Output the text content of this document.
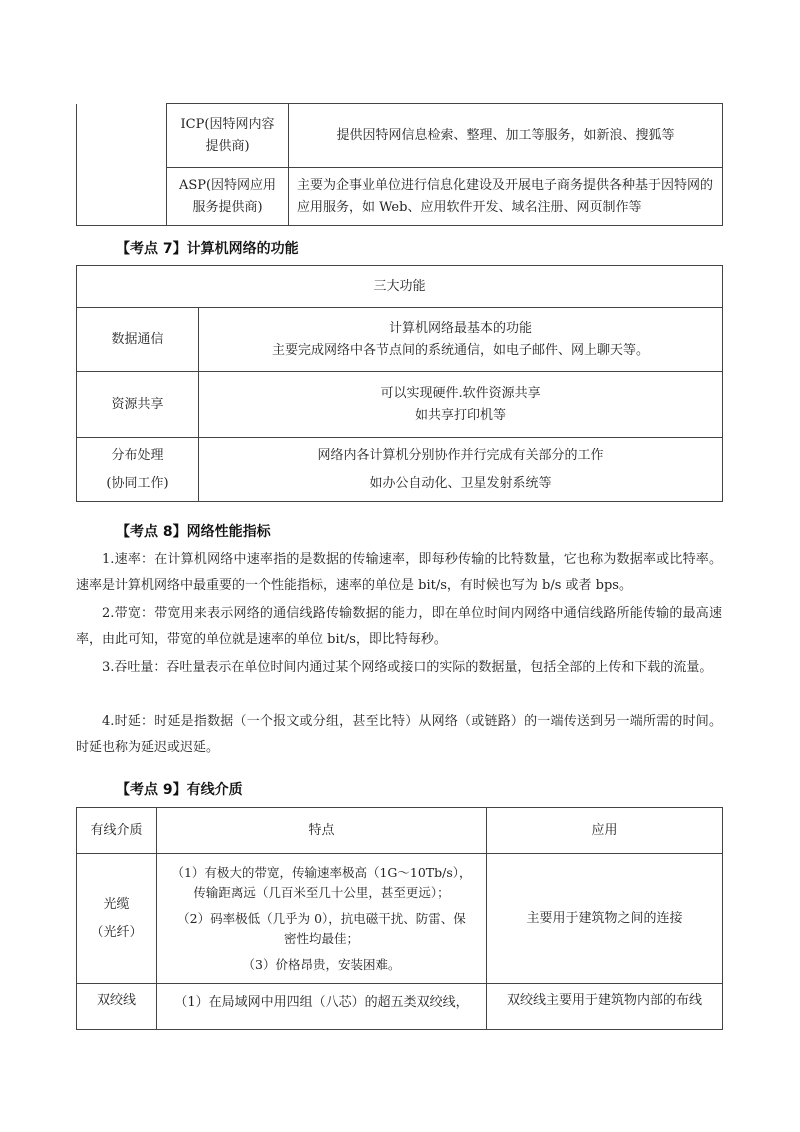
	ICP(因特网内容
提供商)	提供因特网信息检索、整理、加工等服务，如新浪、搜狐等
	ASP(因特网应用
服务提供商)	主要为企事业单位进行信息化建设及开展电子商务提供各种基于因特网的应用服务，如 Web、应用软件开发、域名注册、网页制作等
【考点 7】计算机网络的功能
三大功能	
数据通信	计算机网络最基本的功能
主要完成网络中各节点间的系统通信，如电子邮件、网上聊天等。

资源共享	可以实现硬件.软件资源共享
如共享打印机等

分布处理
(协同工作)	网络内各计算机分别协作并行完成有关部分的工作
如办公自动化、卫星发射系统等
【考点 8】网络性能指标

1.速率：在计算机网络中速率指的是数据的传输速率，即每秒传输的比特数量，它也称为数据率或比特率。速率是计算机网络中最重要的一个性能指标，速率的单位是 bit/s，有时候也写为 b/s 或者 bps。

2.带宽：带宽用来表示网络的通信线路传输数据的能力，即在单位时间内网络中通信线路所能传输的最高速率，由此可知，带宽的单位就是速率的单位 bit/s，即比特每秒。

3.吞吐量：吞吐量表示在单位时间内通过某个网络或接口的实际的数据量，包括全部的上传和下载的流量。

4.时延：时延是指数据（一个报文或分组，甚至比特）从网络（或链路）的一端传送到另一端所需的时间。时延也称为延迟或迟延。

【考点 9】有线介质
有线介质	特点	应用

光缆
（光纤）	（1）有极大的带宽，传输速率极高（1G～10Tb/s），
传输距离远（几百米至几十公里，甚至更远）；
（2）码率极低（几乎为 0），抗电磁干扰、防雷、保
密性均最佳；
（3）价格昂贵，安装困难。	主要用于建筑物之间的连接
双绞线	（1）在局域网中用四组（八芯）的超五类双绞线，	双绞线主要用于建筑物内部的布线
